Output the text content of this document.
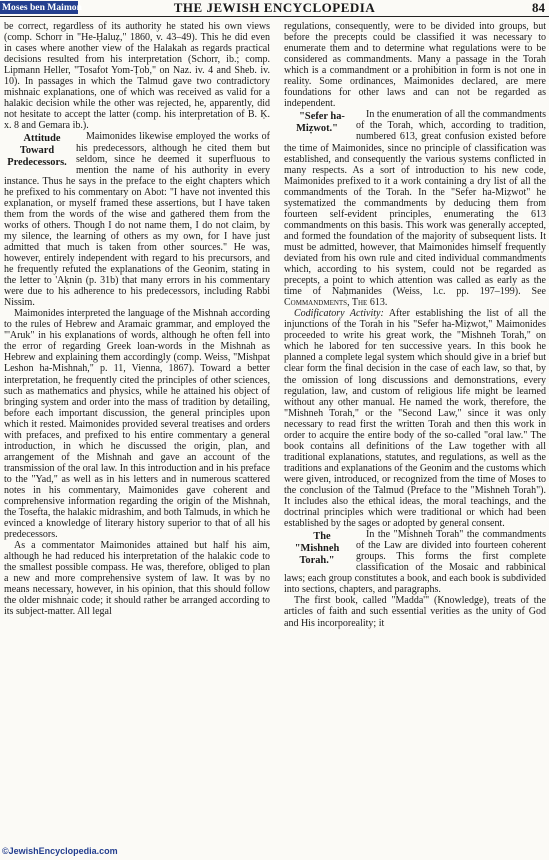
Moses ben Maimon	THE JEWISH ENCYCLOPEDIA	84

be correct, regardless of its authority he stated his own views (comp. Schorr in "He-Ḥaluẓ," 1860, v. 43–49). This he did even in cases where another view of the Halakah as regards practical decisions resulted from his interpretation (Schorr, ib.; comp. Lipmann Heller, "Tosafot Yom-Ṭob," on Naz. iv. 4 and Sheb. iv. 10). In passages in which the Talmud gave two contradictory mishnaic explanations, one of which was received as valid for a halakic decision while the other was rejected, he, apparently, did not hesitate to accept the latter (comp. his interpretation of B. Ḳ. x. 8 and Gemara ib.).

Attitude Toward Predecessors.
Maimonides likewise employed the works of his predecessors, although he cited them but seldom, since he deemed it superfluous to mention the name of his authority in every instance. Thus he says in the preface to the eight chapters which he prefixed to his commentary on Abot: "I have not invented this explanation, or myself framed these assertions, but I have taken them from the words of the wise and gathered them from the works of others. Though I do not name them, I do not claim, by my silence, the learning of others as my own, for I have just admitted that much is taken from other sources." He was, however, entirely independent with regard to his precursors, and he frequently refuted the explanations of the Geonim, stating in the letter to 'Aḳnin (p. 31b) that many errors in his commentary were due to his adherence to his predecessors, including Rabbi Nissim.

Maimonides interpreted the language of the Mishnah according to the rules of Hebrew and Aramaic grammar, and employed the "'Aruk" in his explanations of words, although he often fell into the error of regarding Greek loan-words in the Mishnah as Hebrew and explaining them accordingly (comp. Weiss, "Mishpat Leshon ha-Mishnah," p. 11, Vienna, 1867). Toward a better interpretation, he frequently cited the principles of other sciences, such as mathematics and physics, while he attained his object of bringing system and order into the mass of tradition by detailing, before each important discussion, the general principles upon which it rested. Maimonides provided several treatises and orders with prefaces, and prefixed to his entire commentary a general introduction, in which he discussed the origin, plan, and arrangement of the Mishnah and gave an account of the transmission of the oral law. In this introduction and in his preface to the "Yad," as well as in his letters and in numerous scattered notes in his commentary, Maimonides gave coherent and comprehensive information regarding the origin of the Mishnah, the Tosefta, the halakic midrashim, and both Talmuds, in which he evinced a knowledge of literary history superior to that of all his predecessors.

As a commentator Maimonides attained but half his aim, although he had reduced his interpretation of the halakic code to the smallest possible compass. He was, therefore, obliged to plan a new and more comprehensive system of law. It was by no means necessary, however, in his opinion, that this should follow the older mishnaic code; it should rather be arranged according to its subject-matter. All legal

regulations, consequently, were to be divided into groups, but before the precepts could be classified it was necessary to enumerate them and to determine what regulations were to be considered as commandments. Many a passage in the Torah which is a commandment or a prohibition in form is not one in reality. Some ordinances, Maimonides declared, are mere foundations for other laws and can not be regarded as independent.

"Sefer ha-Miẓwot."
In the enumeration of all the commandments of the Torah, which, according to tradition, numbered 613, great confusion existed before the time of Maimonides, since no principle of classification was established, and consequently the various systems conflicted in many respects. As a sort of introduction to his new code, Maimonides prefixed to it a work containing a dry list of all the commandments of the Torah. In the "Sefer ha-Miẓwot" he systematized the commandments by deducing them from fourteen self-evident principles, enumerating the 613 commandments on this basis. This work was generally accepted, and formed the foundation of the majority of subsequent lists. It must be admitted, however, that Maimonides himself frequently deviated from his own rule and cited individual commandments which, according to his system, could not be regarded as precepts, a point to which attention was called as early as the time of Naḥmanides (Weiss, l.c. pp. 197–199). See Commandments, The 613.

Codificatory Activity: After establishing the list of all the injunctions of the Torah in his "Sefer ha-Miẓwot," Maimonides proceeded to write his great work, the "Mishneh Torah," on which he labored for ten successive years. In this book he planned a complete legal system which should give in a brief but clear form the final decision in the case of each law, so that, by the omission of long discussions and demonstrations, every regulation, law, and custom of religious life might be learned without any other manual. He named the work, therefore, the "Mishneh Torah," or the "Second Law," since it was only necessary to read first the written Torah and then this work in order to acquire the entire body of the so-called "oral law." The book contains all definitions of the Law together with all traditional explanations, statutes, and regulations, as well as the traditions and explanations of the Geonim and the customs which were given, introduced, or recognized from the time of Moses to the conclusion of the Talmud (Preface to the "Mishneh Torah"). It includes also the ethical ideas, the moral teachings, and the doctrinal principles which were traditional or which had been established by the sages or adopted by general consent.

The "Mishneh Torah."
In the "Mishneh Torah" the commandments of the Law are divided into fourteen coherent groups. This forms the first complete classification of the Mosaic and rabbinical laws; each group constitutes a book, and each book is subdivided into sections, chapters, and paragraphs.

The first book, called "Madda'" (Knowledge), treats of the articles of faith and such essential verities as the unity of God and His incorporeality; it

©JewishEncyclopedia.com
